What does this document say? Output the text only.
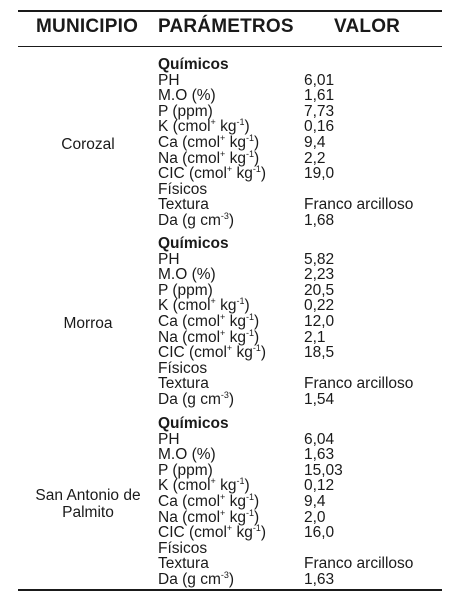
MUNICIPIO PARÁMETROS VALOR
Corozal
Químicos
PH	6,01
M.O (%)	1,61
P (ppm)	7,73
K (cmol+ $kg^{-1}$)	0,16
Ca (cmol+ $kg^{-1}$)	9,4
Na (cmol+ $kg^{-1}$)	2,2
CIC (cmol+ $kg^{-1}$) 19,0
Físicos
Textura	Franco arcilloso
Da (g $cm^{-3}$)	1,68
Morroa
Químicos
PH	5,82
M.O (%)	2,23
P (ppm)	20,5
K (cmol+ $kg^{-1}$)	0,22
Ca (cmol+ $kg^{-1}$)	12,0
Na (cmol+ $kg^{-1}$)	2,1
CIC (cmol+ $kg^{-1}$) 18,5
Físicos
Textura	Franco arcilloso
Da (g $cm^{-3}$)	1,54
San Antonio de
Palmito
Químicos
PH	6,04
M.O (%)	1,63
P (ppm)	15,03
K (cmol+ $kg^{-1}$)	0,12
Ca (cmol+ $kg^{-1}$)	9,4
Na (cmol+ $kg^{-1}$)	2,0
CIC (cmol+ $kg^{-1}$) 16,0
Físicos
Textura	Franco arcilloso
Da (g $cm^{-3}$)	1,63
